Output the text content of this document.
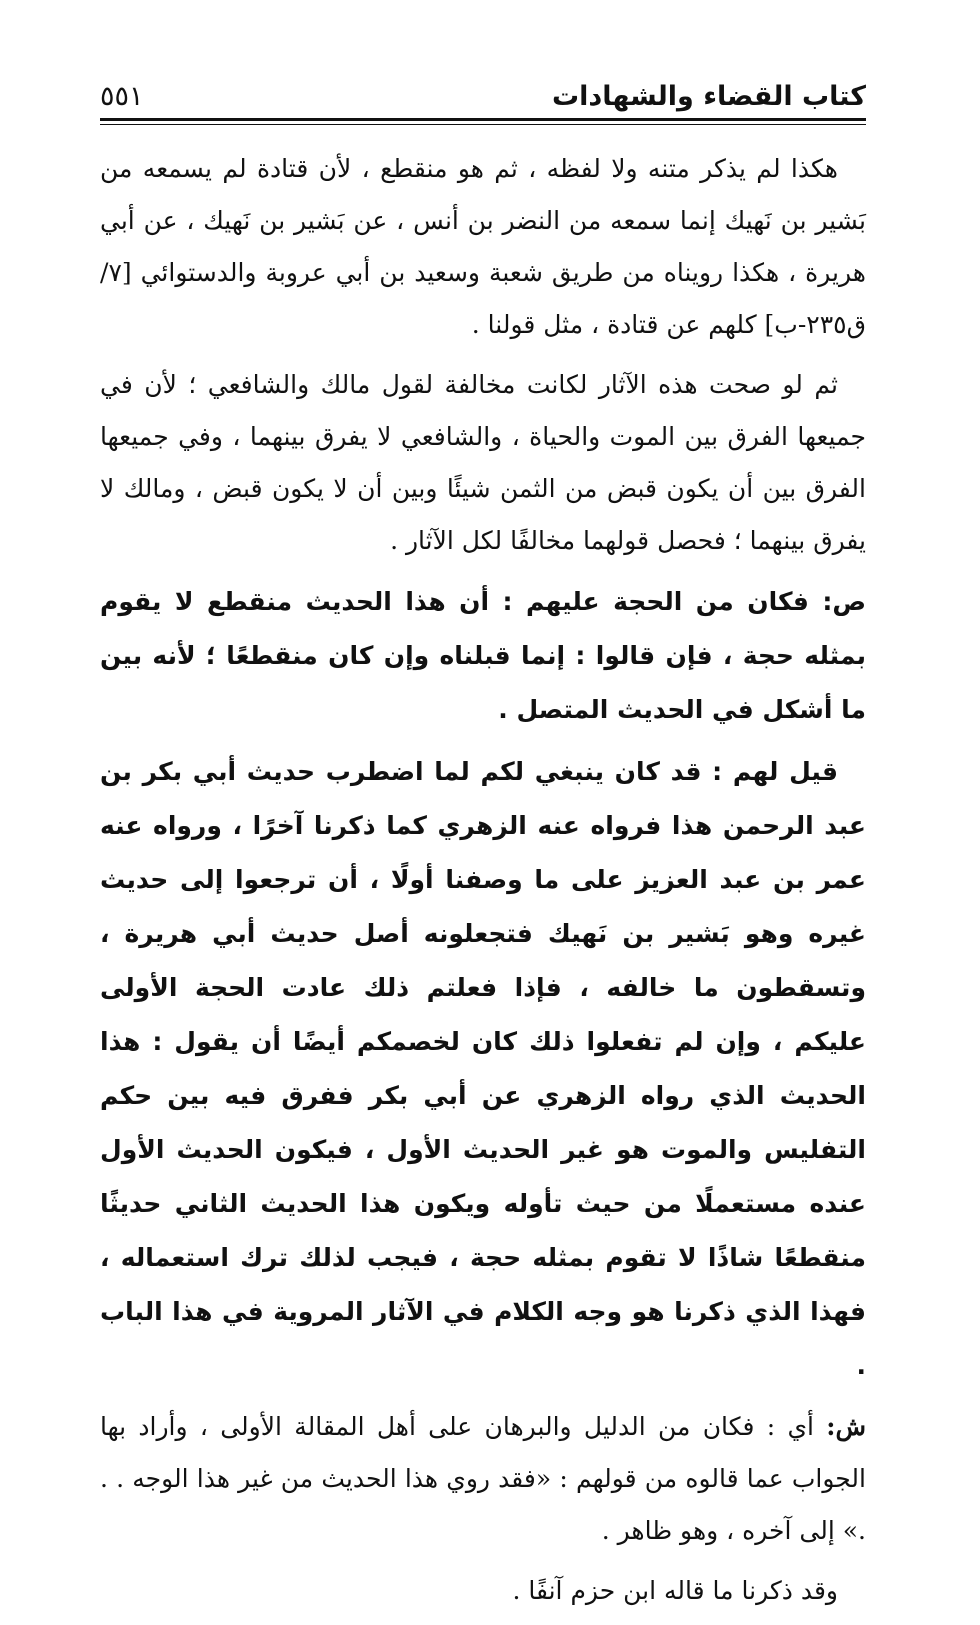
كتاب القضاء والشهادات
٥٥١

هكذا لم يذكر متنه ولا لفظه ، ثم هو منقطع ، لأن قتادة لم يسمعه من بَشير بن نَهيك إنما سمعه من النضر بن أنس ، عن بَشير بن نَهيك ، عن أبي هريرة ، هكذا رويناه من طريق شعبة وسعيد بن أبي عروبة والدستوائي [٧/ ق٢٣٥-ب] كلهم عن قتادة ، مثل قولنا .

ثم لو صحت هذه الآثار لكانت مخالفة لقول مالك والشافعي ؛ لأن في جميعها الفرق بين الموت والحياة ، والشافعي لا يفرق بينهما ، وفي جميعها الفرق بين أن يكون قبض من الثمن شيئًا وبين أن لا يكون قبض ، ومالك لا يفرق بينهما ؛ فحصل قولهما مخالفًا لكل الآثار .

ص: فكان من الحجة عليهم : أن هذا الحديث منقطع لا يقوم بمثله حجة ، فإن قالوا : إنما قبلناه وإن كان منقطعًا ؛ لأنه بين ما أشكل في الحديث المتصل .

قيل لهم : قد كان ينبغي لكم لما اضطرب حديث أبي بكر بن عبد الرحمن هذا فرواه عنه الزهري كما ذكرنا آخرًا ، ورواه عنه عمر بن عبد العزيز على ما وصفنا أولًا ، أن ترجعوا إلى حديث غيره وهو بَشير بن نَهيك فتجعلونه أصل حديث أبي هريرة ، وتسقطون ما خالفه ، فإذا فعلتم ذلك عادت الحجة الأولى عليكم ، وإن لم تفعلوا ذلك كان لخصمكم أيضًا أن يقول : هذا الحديث الذي رواه الزهري عن أبي بكر ففرق فيه بين حكم التفليس والموت هو غير الحديث الأول ، فيكون الحديث الأول عنده مستعملًا من حيث تأوله ويكون هذا الحديث الثاني حديثًا منقطعًا شاذًا لا تقوم بمثله حجة ، فيجب لذلك ترك استعماله ، فهذا الذي ذكرنا هو وجه الكلام في الآثار المروية في هذا الباب .

ش: أي : فكان من الدليل والبرهان على أهل المقالة الأولى ، وأراد بها الجواب عما قالوه من قولهم : «فقد روي هذا الحديث من غير هذا الوجه . . .» إلى آخره ، وهو ظاهر .

وقد ذكرنا ما قاله ابن حزم آنفًا .
